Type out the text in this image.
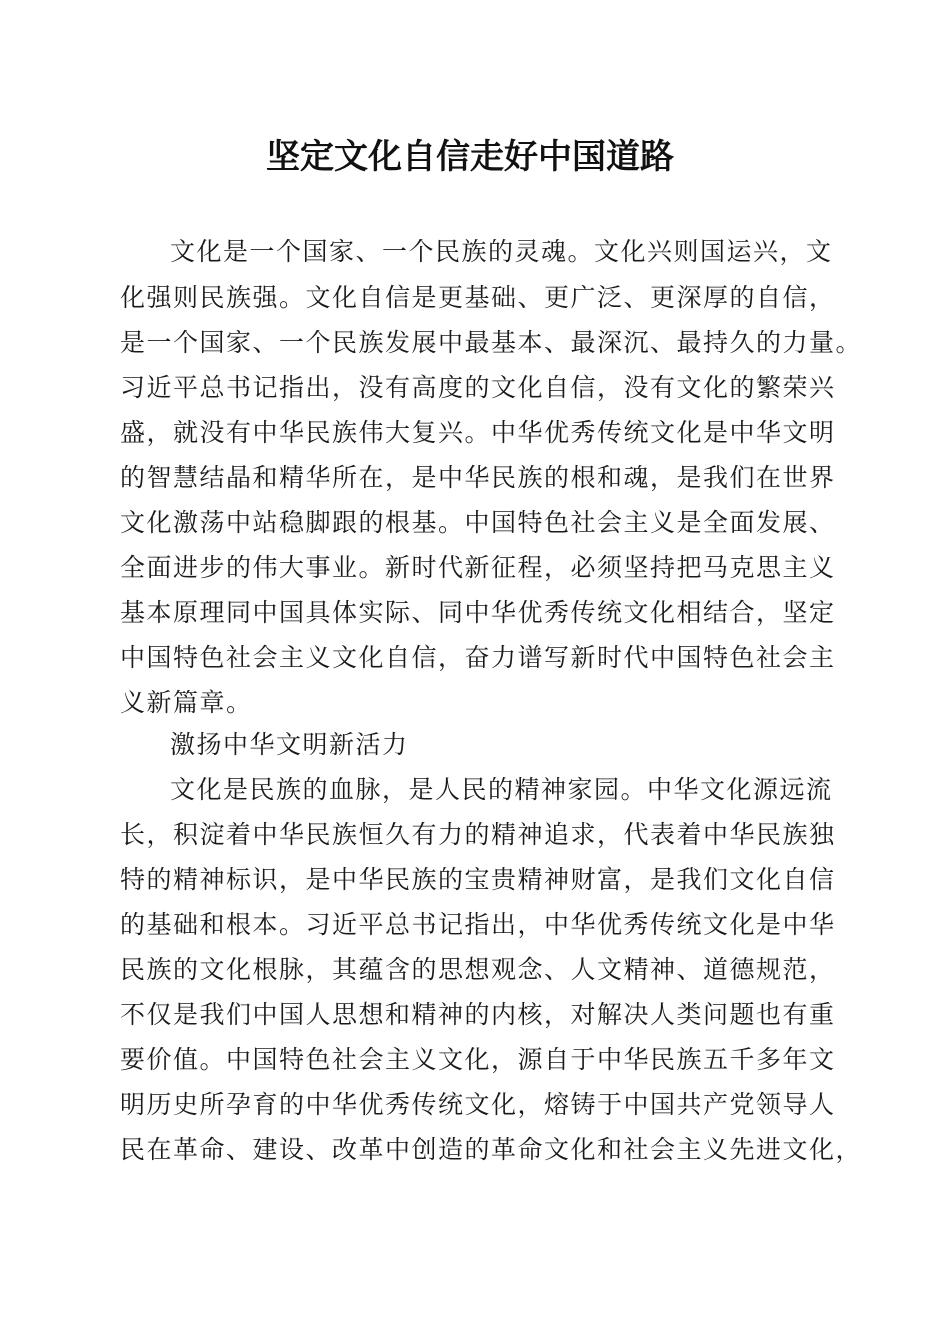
坚定文化自信走好中国道路
文化是一个国家、一个民族的灵魂。文化兴则国运兴，文
化强则民族强。文化自信是更基础、更广泛、更深厚的自信，
是一个国家、一个民族发展中最基本、最深沉、最持久的力量。
习近平总书记指出，没有高度的文化自信，没有文化的繁荣兴
盛，就没有中华民族伟大复兴。中华优秀传统文化是中华文明
的智慧结晶和精华所在，是中华民族的根和魂，是我们在世界
文化激荡中站稳脚跟的根基。中国特色社会主义是全面发展、
全面进步的伟大事业。新时代新征程，必须坚持把马克思主义
基本原理同中国具体实际、同中华优秀传统文化相结合，坚定
中国特色社会主义文化自信，奋力谱写新时代中国特色社会主
义新篇章。
激扬中华文明新活力
文化是民族的血脉，是人民的精神家园。中华文化源远流
长，积淀着中华民族恒久有力的精神追求，代表着中华民族独
特的精神标识，是中华民族的宝贵精神财富，是我们文化自信
的基础和根本。习近平总书记指出，中华优秀传统文化是中华
民族的文化根脉，其蕴含的思想观念、人文精神、道德规范，
不仅是我们中国人思想和精神的内核，对解决人类问题也有重
要价值。中国特色社会主义文化，源自于中华民族五千多年文
明历史所孕育的中华优秀传统文化，熔铸于中国共产党领导人
民在革命、建设、改革中创造的革命文化和社会主义先进文化，
